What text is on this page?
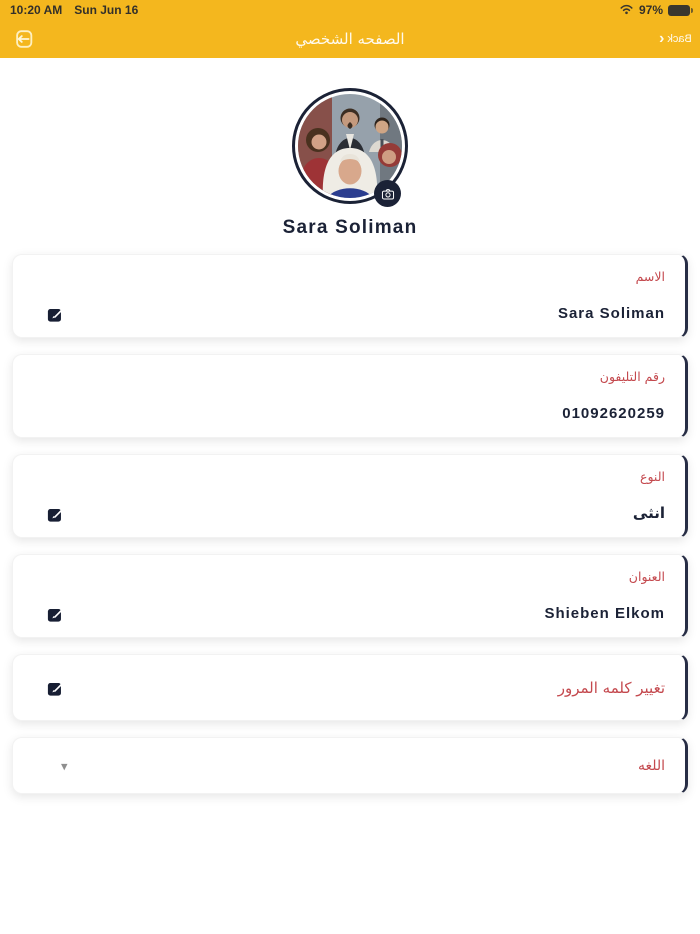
10:20 AM Sun Jun 16	97%
الصفحه الشخصي	Back
‹
Sara Soliman
الاسم
Sara Soliman
رقم التليفون
01092620259
النوع
انثى
العنوان
Shieben Elkom
تغيير كلمه المرور
اللغه
▾
